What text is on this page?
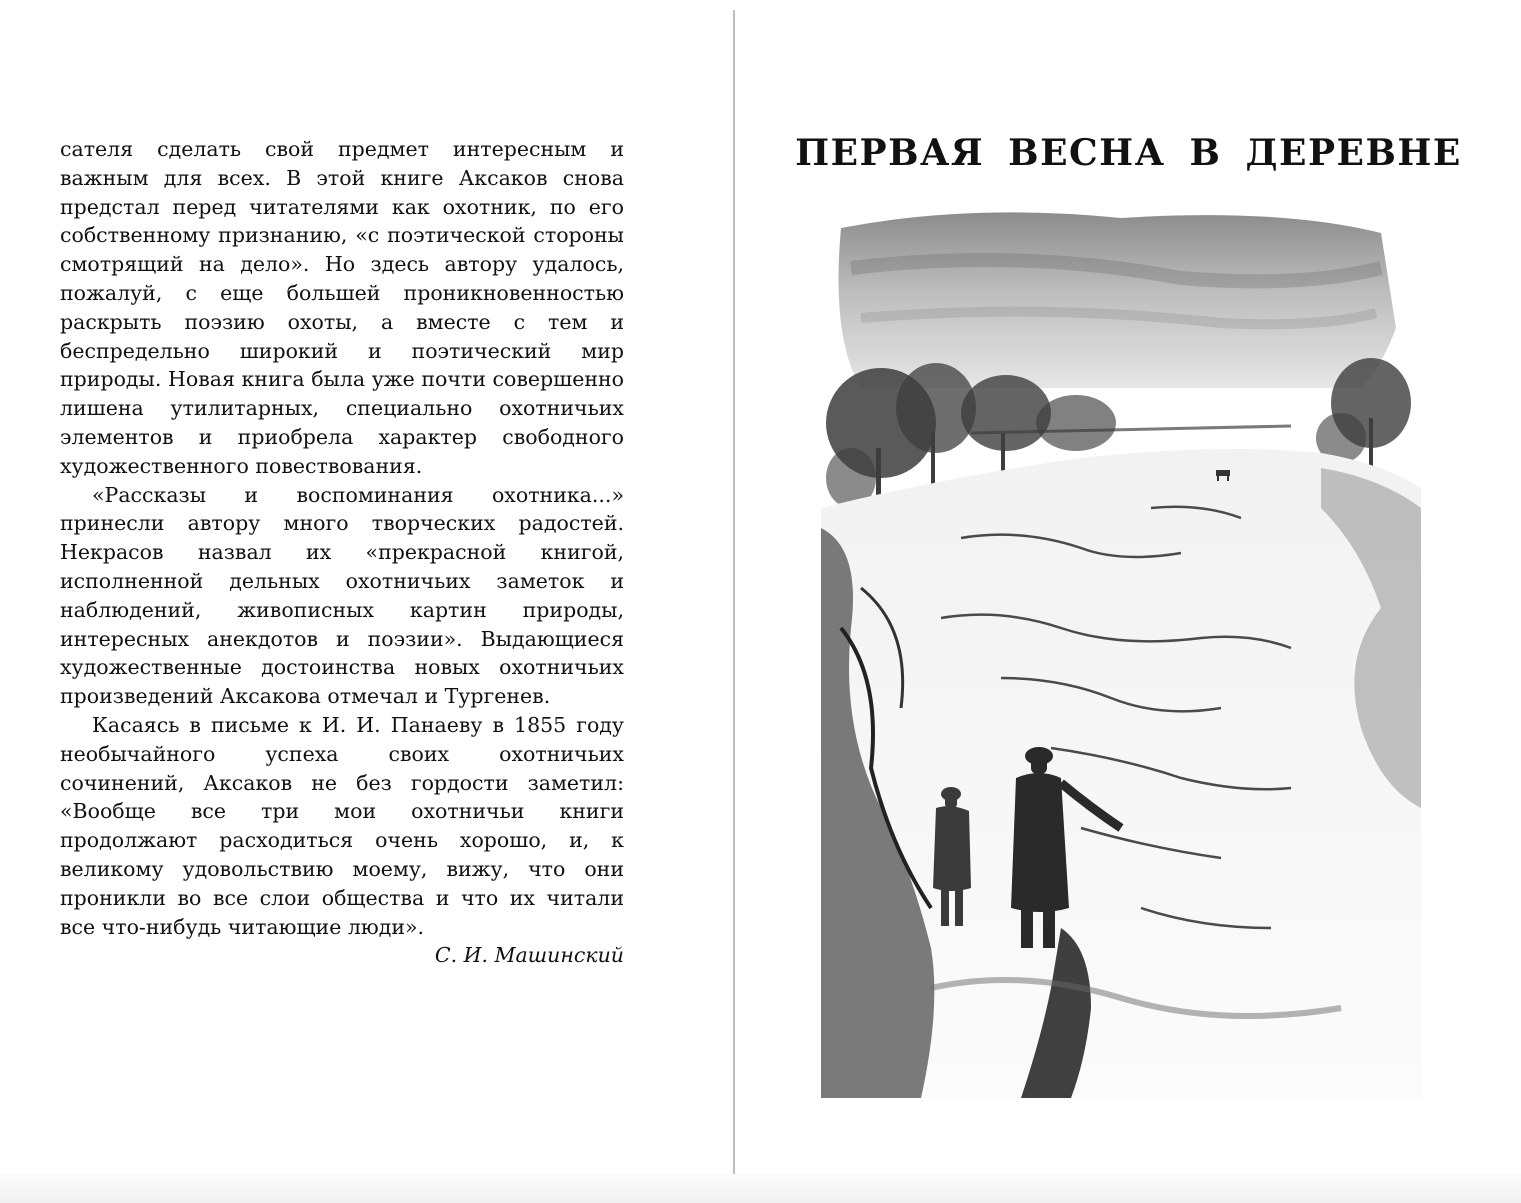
сателя сделать свой предмет интересным и важным для всех. В этой книге Аксаков снова предстал перед читателями как охотник, по его собственному признанию, «с поэтической стороны смотрящий на дело». Но здесь автору удалось, пожалуй, с еще большей проникновенностью раскрыть поэзию охоты, а вместе с тем и беспредельно широкий и поэтический мир природы. Новая книга была уже почти совершенно лишена утилитарных, специально охотничьих элементов и приобрела характер свободного художественного повествования.

«Рассказы и воспоминания охотника...» принесли автору много творческих радостей. Некрасов назвал их «прекрасной книгой, исполненной дельных охотничьих заметок и наблюдений, живописных картин природы, интересных анекдотов и поэзии». Выдающиеся художественные достоинства новых охотничьих произведений Аксакова отмечал и Тургенев.

Касаясь в письме к И. И. Панаеву в 1855 году необычайного успеха своих охотничьих сочинений, Аксаков не без гордости заметил: «Вообще все три мои охотничьи книги продолжают расходиться очень хорошо, и, к великому удовольствию моему, вижу, что они проникли во все слои общества и что их читали все что-нибудь читающие люди».

С. И. Машинский

ПЕРВАЯ ВЕСНА В ДЕРЕВНЕ
